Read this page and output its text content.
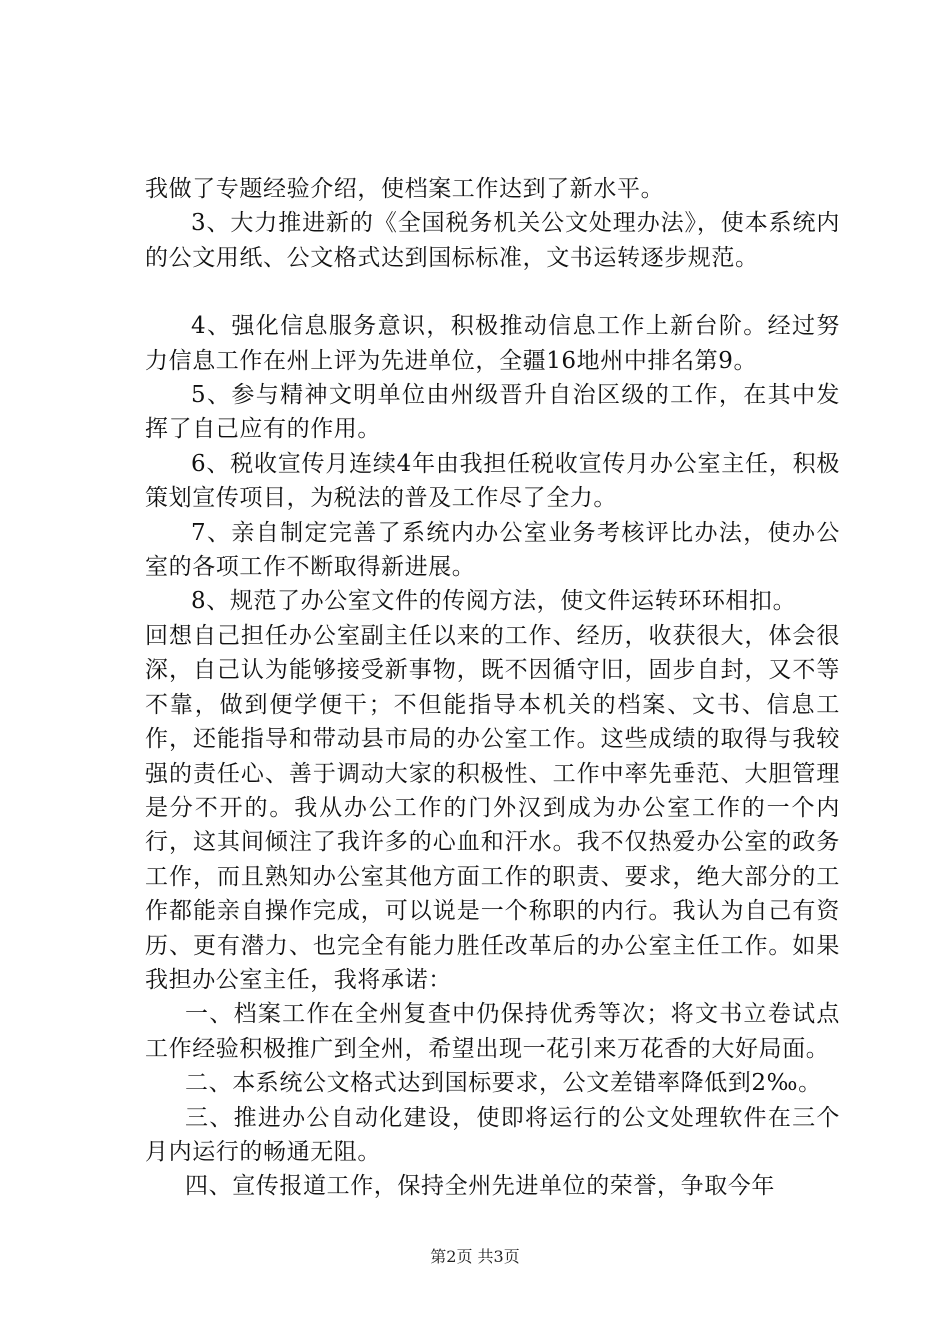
我做了专题经验介绍，使档案工作达到了新水平。

3、大力推进新的《全国税务机关公文处理办法》，使本系统内的公文用纸、公文格式达到国标标准，文书运转逐步规范。

4、强化信息服务意识，积极推动信息工作上新台阶。经过努力信息工作在州上评为先进单位，全疆16地州中排名第9。

5、参与精神文明单位由州级晋升自治区级的工作，在其中发挥了自己应有的作用。

6、税收宣传月连续4年由我担任税收宣传月办公室主任，积极策划宣传项目，为税法的普及工作尽了全力。

7、亲自制定完善了系统内办公室业务考核评比办法，使办公室的各项工作不断取得新进展。

8、规范了办公室文件的传阅方法，使文件运转环环相扣。

回想自己担任办公室副主任以来的工作、经历，收获很大，体会很深，自己认为能够接受新事物，既不因循守旧，固步自封，又不等不靠，做到便学便干；不但能指导本机关的档案、文书、信息工作，还能指导和带动县市局的办公室工作。这些成绩的取得与我较强的责任心、善于调动大家的积极性、工作中率先垂范、大胆管理是分不开的。我从办公工作的门外汉到成为办公室工作的一个内行，这其间倾注了我许多的心血和汗水。我不仅热爱办公室的政务工作，而且熟知办公室其他方面工作的职责、要求，绝大部分的工作都能亲自操作完成，可以说是一个称职的内行。我认为自己有资历、更有潜力、也完全有能力胜任改革后的办公室主任工作。如果我担办公室主任，我将承诺：

一、档案工作在全州复查中仍保持优秀等次；将文书立卷试点工作经验积极推广到全州，希望出现一花引来万花香的大好局面。

二、本系统公文格式达到国标要求，公文差错率降低到2‰。

三、推进办公自动化建设，使即将运行的公文处理软件在三个月内运行的畅通无阻。

四、宣传报道工作，保持全州先进单位的荣誉，争取今年

第2页 共3页
